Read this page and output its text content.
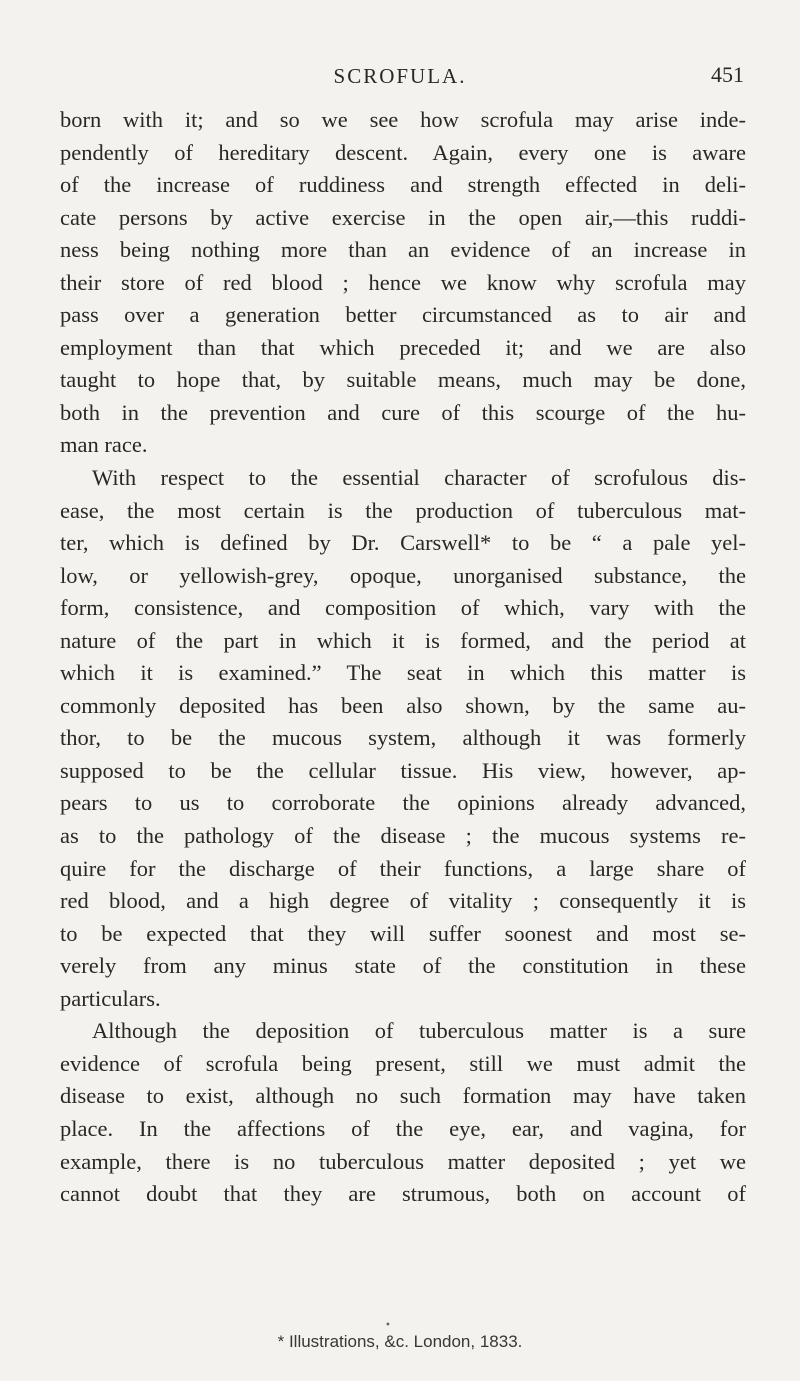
SCROFULA.	451
born with it; and so we see how scrofula may arise inde-
pendently of hereditary descent. Again, every one is aware
of the increase of ruddiness and strength effected in deli-
cate persons by active exercise in the open air,—this ruddi-
ness being nothing more than an evidence of an increase in
their store of red blood ; hence we know why scrofula may
pass over a generation better circumstanced as to air and
employment than that which preceded it; and we are also
taught to hope that, by suitable means, much may be done,
both in the prevention and cure of this scourge of the hu-
man race.
With respect to the essential character of scrofulous dis-
ease, the most certain is the production of tuberculous mat-
ter, which is defined by Dr. Carswell* to be “ a pale yel-
low, or yellowish-grey, opoque, unorganised substance, the
form, consistence, and composition of which, vary with the
nature of the part in which it is formed, and the period at
which it is examined.” The seat in which this matter is
commonly deposited has been also shown, by the same au-
thor, to be the mucous system, although it was formerly
supposed to be the cellular tissue. His view, however, ap-
pears to us to corroborate the opinions already advanced,
as to the pathology of the disease ; the mucous systems re-
quire for the discharge of their functions, a large share of
red blood, and a high degree of vitality ; consequently it is
to be expected that they will suffer soonest and most se-
verely from any minus state of the constitution in these
particulars.
Although the deposition of tuberculous matter is a sure
evidence of scrofula being present, still we must admit the
disease to exist, although no such formation may have taken
place. In the affections of the eye, ear, and vagina, for
example, there is no tuberculous matter deposited ; yet we
cannot doubt that they are strumous, both on account of
•
* Illustrations, &c. London, 1833.
